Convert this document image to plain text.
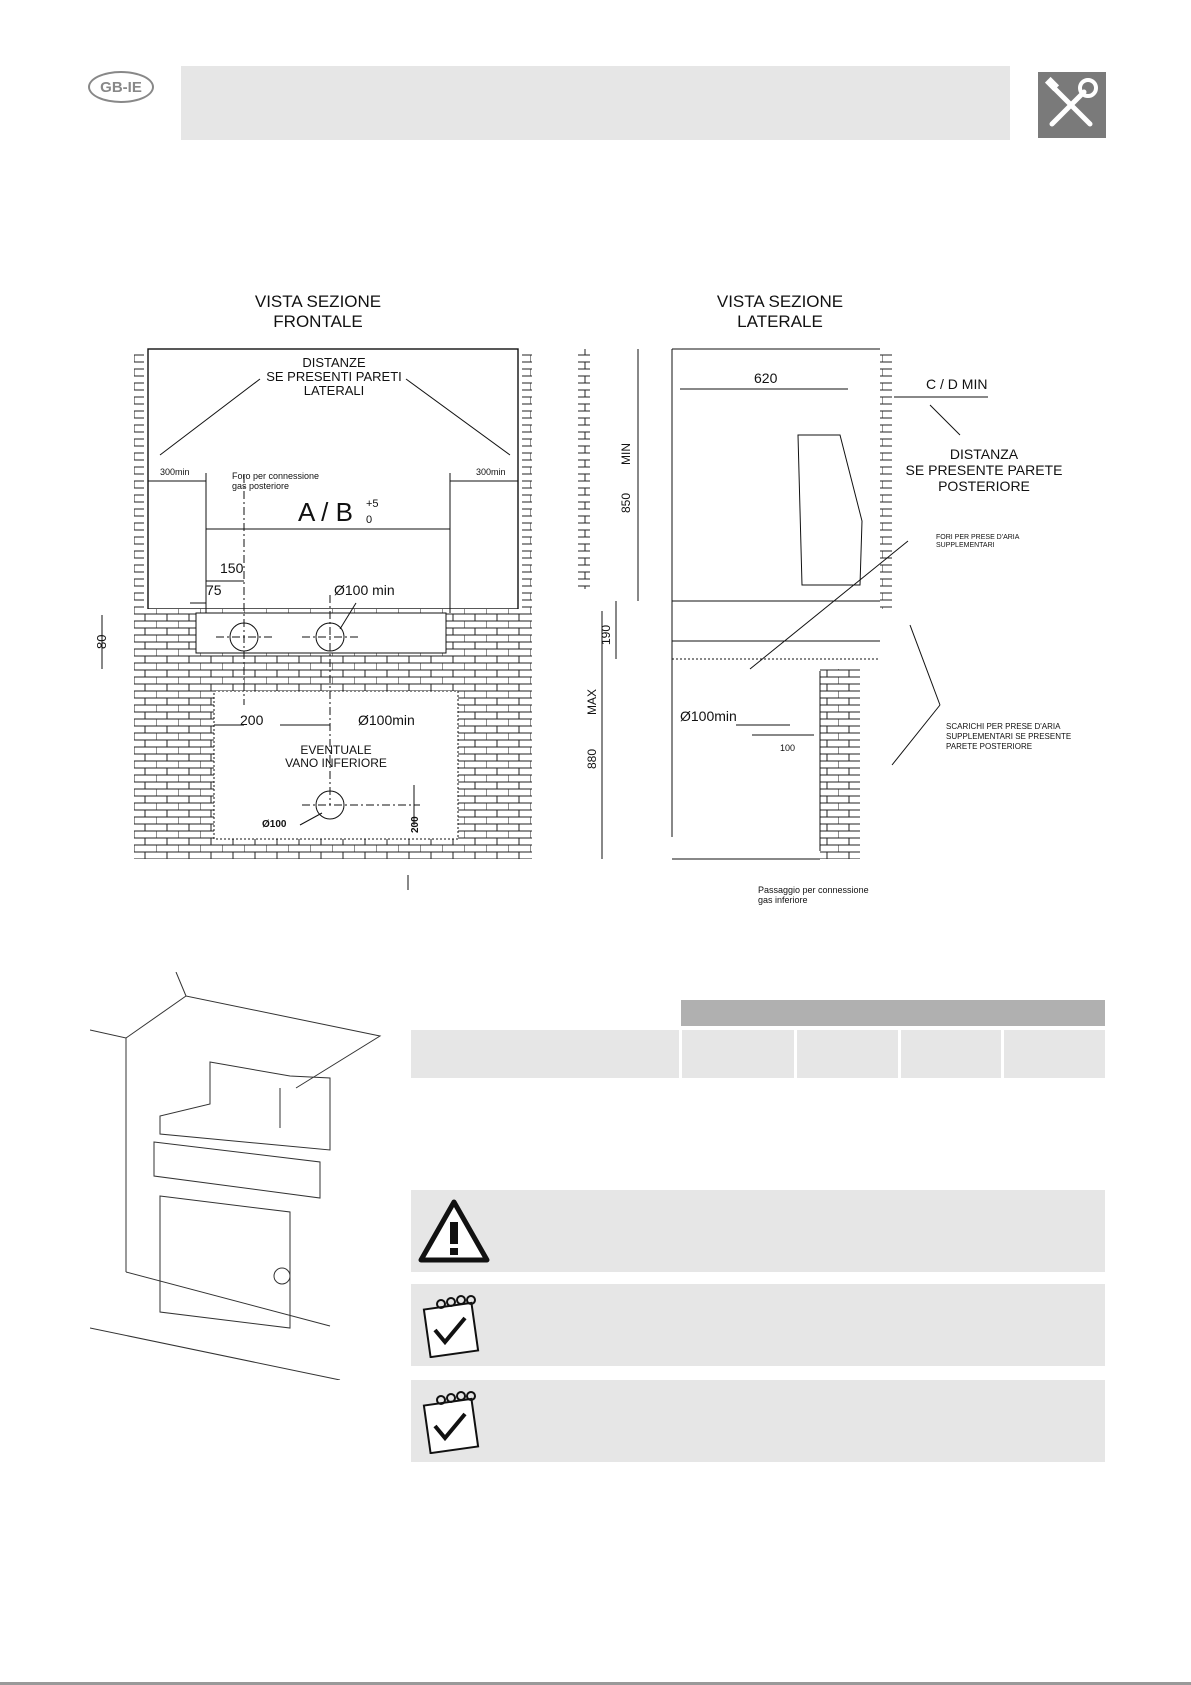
GB-IE
VISTA SEZIONE
FRONTALE
DISTANZE
SE PRESENTI PARETI
LATERALI
300min	300min
Foro per connessione
gas posteriore
A / B +5
0
150
75	Ø100 min
80
200	Ø100min
EVENTUALE
VANO INFERIORE
Ø100	200
VISTA SEZIONE
LATERALE
620	C / D MIN
DISTANZA
SE PRESENTE PARETE
POSTERIORE
850
MIN
FORI PER PRESE D'ARIA
SUPPLEMENTARI
190
880
MAX
Ø100min
100
SCARICHI PER PRESE D'ARIA
SUPPLEMENTARI SE PRESENTE
PARETE POSTERIORE
Passaggio per connessione
gas inferiore
